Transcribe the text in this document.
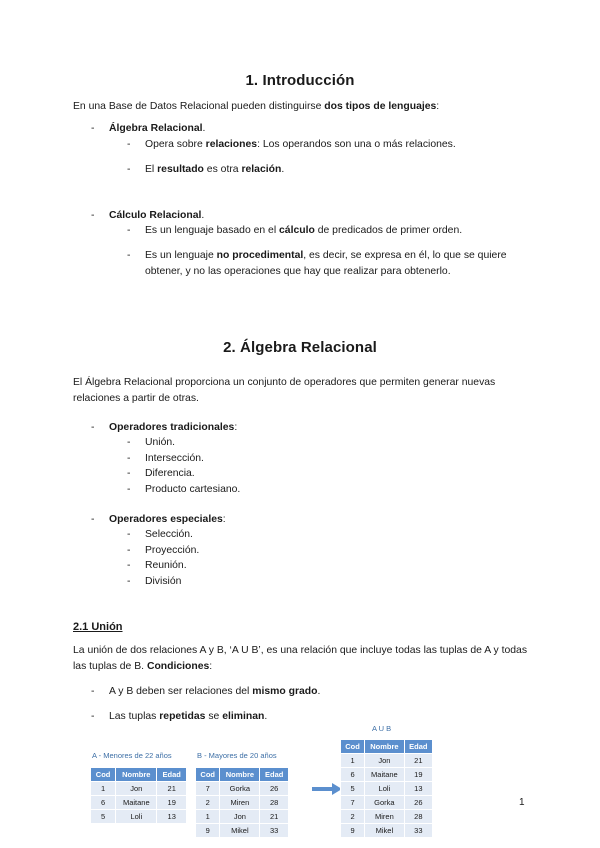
1. Introducción

En una Base de Datos Relacional pueden distinguirse dos tipos de lenguajes:

- Álgebra Relacional.
- Opera sobre relaciones: Los operandos son una o más relaciones.
- El resultado es otra relación.
- Cálculo Relacional.
- Es un lenguaje basado en el cálculo de predicados de primer orden.
- Es un lenguaje no procedimental, es decir, se expresa en él, lo que se quiere obtener, y no las operaciones que hay que realizar para obtenerlo.
2. Álgebra Relacional

El Álgebra Relacional proporciona un conjunto de operadores que permiten generar nuevas relaciones a partir de otras.

- Operadores tradicionales:
- Unión.
- Intersección.
- Diferencia.
- Producto cartesiano.
- Operadores especiales:
- Selección.
- Proyección.
- Reunión.
- División
2.1 Unión

La unión de dos relaciones A y B, ‘A U B’, es una relación que incluye todas las tuplas de A y todas las tuplas de B. Condiciones:

- A y B deben ser relaciones del mismo grado.
- Las tuplas repetidas se eliminan.
A - Menores de 22 años
Cod	Nombre	Edad
1	Jon	21
6	Maitane	19
5	Loli	13
B - Mayores de 20 años
Cod	Nombre	Edad
7	Gorka	26
2	Miren	28
1	Jon	21
9	Mikel	33
A U B
Cod	Nombre	Edad
1	Jon	21
6	Maitane	19
5	Loli	13
7	Gorka	26
2	Miren	28
9	Mikel	33
1
